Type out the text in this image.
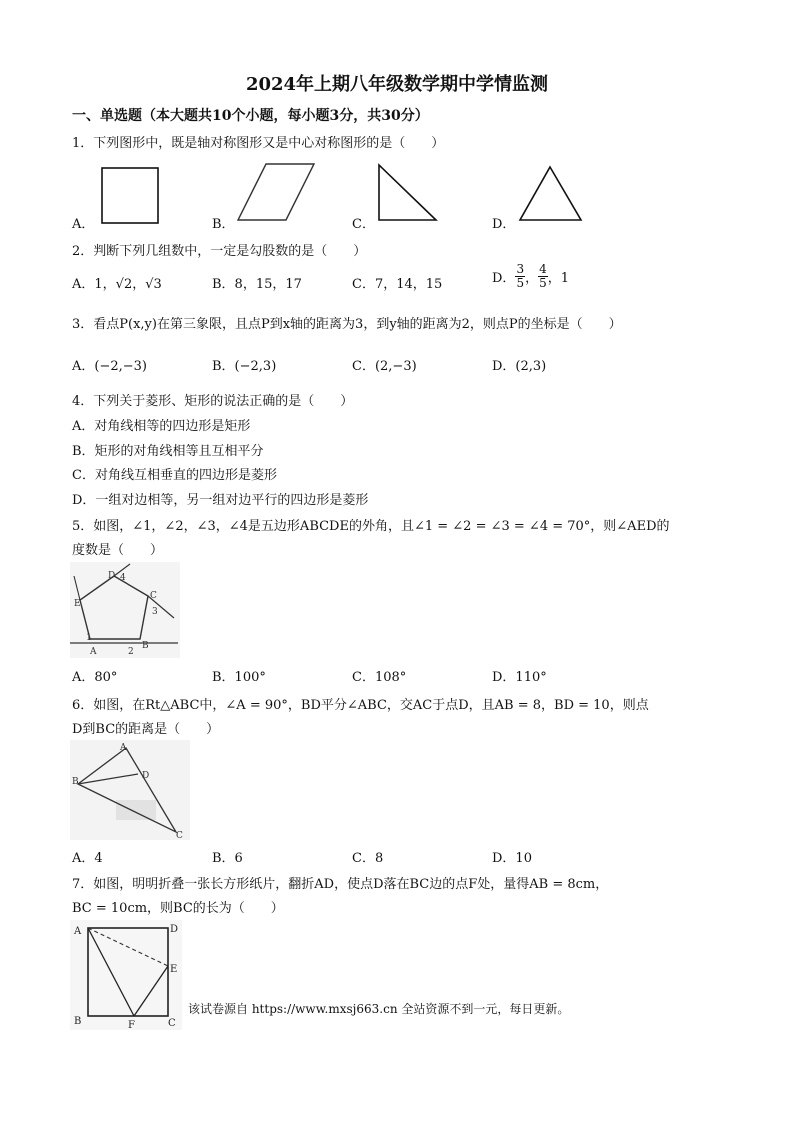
2024年上期八年级数学期中学情监测
一、单选题（本大题共10个小题，每小题3分，共30分）
1．下列图形中，既是轴对称图形又是中心对称图形的是（　　）
A．	B．	C．	D．
2．判断下列几组数中，一定是勾股数的是（　　）
A．1，√2，√3	B．8，15，17	C．7，14，15	D． $\frac{3}{5}$ ， $\frac{4}{5}$ ，1
3．看点P(x,y)在第三象限，且点P到x轴的距离为3，到y轴的距离为2，则点P的坐标是（　　）
A．(−2,−3)	B．(−2,3)	C．(2,−3)	D．(2,3)
4．下列关于菱形、矩形的说法正确的是（　　）
A．对角线相等的四边形是矩形
B．矩形的对角线相等且互相平分
C．对角线互相垂直的四边形是菱形
D．一组对边相等，另一组对边平行的四边形是菱形
5．如图，∠1，∠2，∠3，∠4是五边形ABCDE的外角，且∠1 = ∠2 = ∠3 = ∠4 = 70°，则∠AED的
度数是（　　）
D 4
E
C
3
1
A	2
B
A．80°	B．100°	C．108°	D．110°
6．如图，在Rt△ABC中，∠A = 90°，BD平分∠ABC，交AC于点D，且AB = 8，BD = 10，则点
D到BC的距离是（　　）
A
B
D
C
A．4	B．6	C．8	D．10
7．如图，明明折叠一张长方形纸片，翻折AD，使点D落在BC边的点F处，量得AB = 8cm，
BC = 10cm，则BC的长为（　　）
A	D
E
B	F	C
该试卷源自 https://www.mxsj663.cn 全站资源不到一元，每日更新。
